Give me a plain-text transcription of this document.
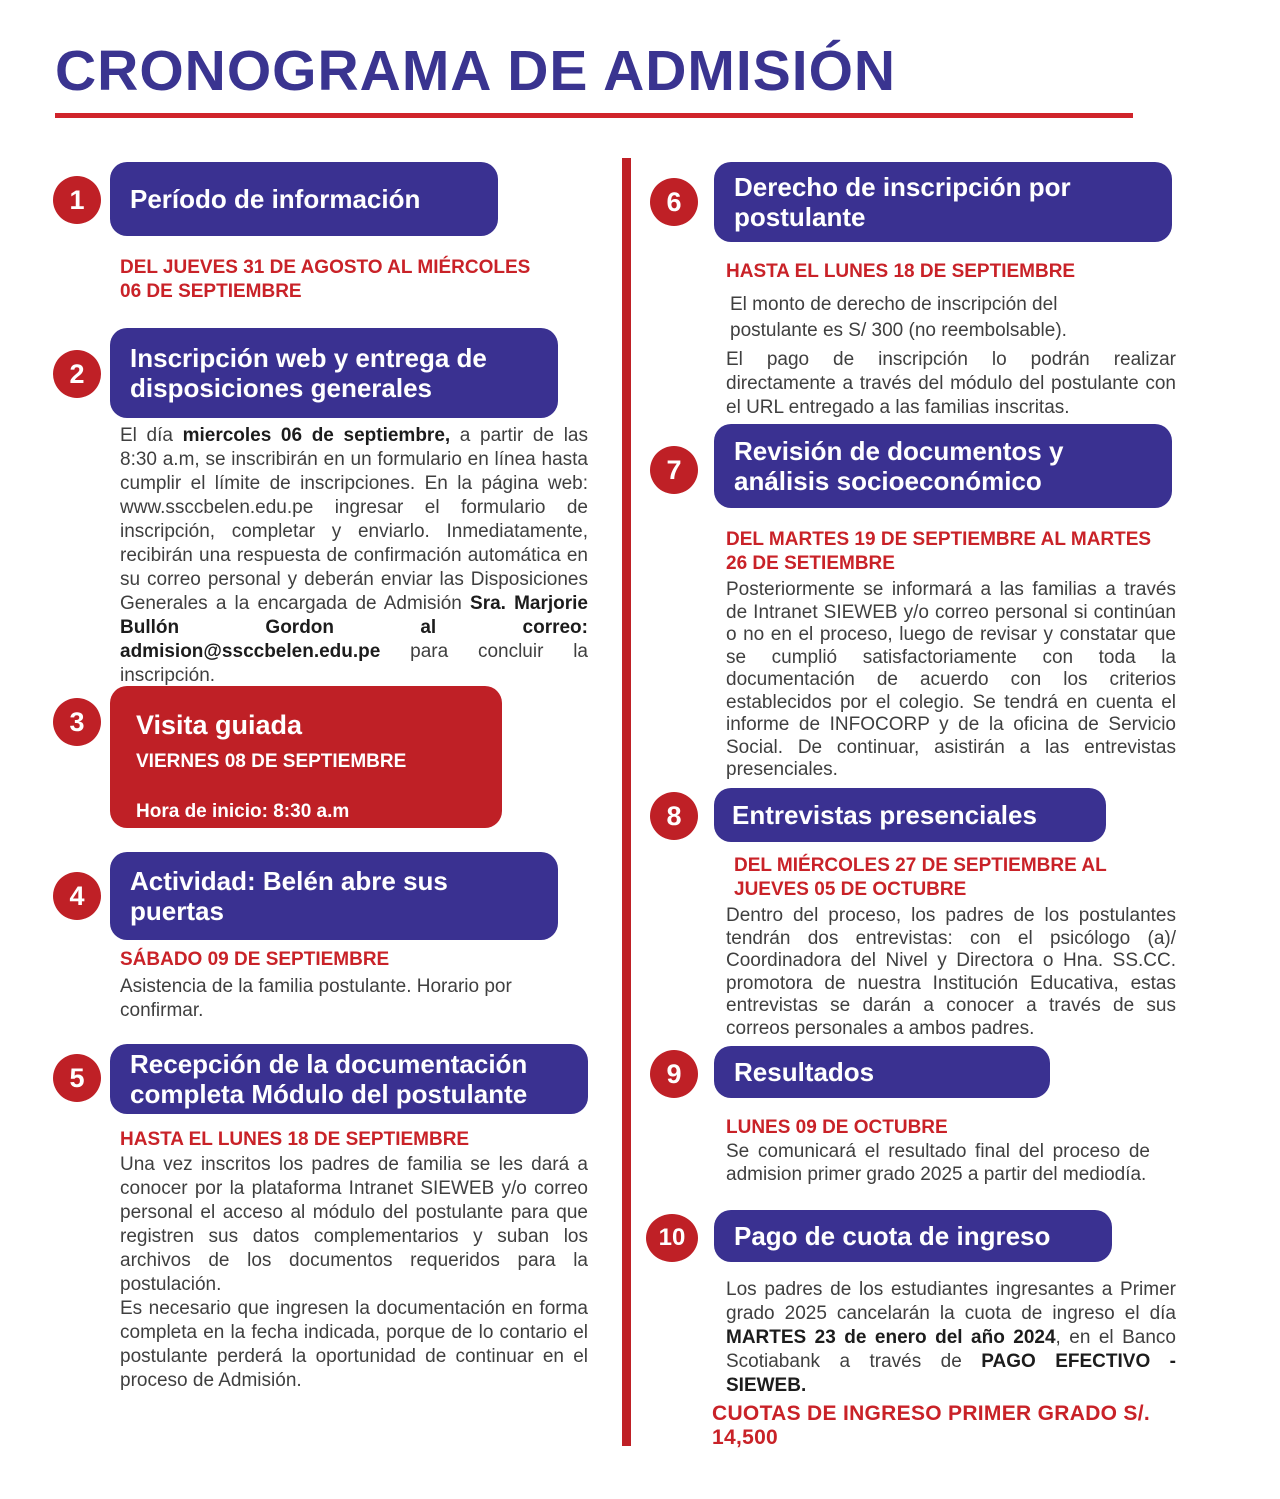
CRONOGRAMA DE ADMISIÓN
1	Período de información
DEL JUEVES 31 DE AGOSTO AL MIÉRCOLES 06 DE SEPTIEMBRE
2
Inscripción web y entrega de disposiciones generales
El día miercoles 06 de septiembre, a partir de las 8:30 a.m, se inscribirán en un formulario en línea hasta cumplir el límite de inscripciones. En la página web: www.ssccbelen.edu.pe ingresar el formulario de inscripción, completar y enviarlo. Inmediatamente, recibirán una respuesta de confirmación automática en su correo personal y deberán enviar las Disposiciones Generales a la encargada de Admisión Sra. Marjorie Bullón Gordon al correo: admision@ssccbelen.edu.pe para concluir la inscripción.
3	Visita guiada
VIERNES 08 DE SEPTIEMBRE
Hora de inicio: 8:30 a.m
4	Actividad: Belén abre sus puertas
SÁBADO 09 DE SEPTIEMBRE
Asistencia de la familia postulante. Horario por confirmar.
5	Recepción de la documentación completa Módulo del postulante
HASTA EL LUNES 18 DE SEPTIEMBRE
Una vez inscritos los padres de familia se les dará a conocer por la plataforma Intranet SIEWEB y/o correo personal el acceso al módulo del postulante para que registren sus datos complementarios y suban los archivos de los documentos requeridos para la postulación.
Es necesario que ingresen la documentación en forma completa en la fecha indicada, porque de lo contario el postulante perderá la oportunidad de continuar en el proceso de Admisión.
6	Derecho de inscripción por postulante
HASTA EL LUNES 18 DE SEPTIEMBRE
El monto de derecho de inscripción del postulante es S/ 300 (no reembolsable).
El pago de inscripción lo podrán realizar directamente a través del módulo del postulante con el URL entregado a las familias inscritas.
7
Revisión de documentos y análisis socioeconómico
DEL MARTES 19 DE SEPTIEMBRE AL MARTES 26 DE SETIEMBRE
Posteriormente se informará a las familias a través de Intranet SIEWEB y/o correo personal si continúan o no en el proceso, luego de revisar y constatar que se cumplió satisfactoriamente con toda la documentación de acuerdo con los criterios establecidos por el colegio. Se tendrá en cuenta el informe de INFOCORP y de la oficina de Servicio Social. De continuar, asistirán a las entrevistas presenciales.
8	Entrevistas presenciales
DEL MIÉRCOLES 27 DE SEPTIEMBRE AL JUEVES 05 DE OCTUBRE
Dentro del proceso, los padres de los postulantes tendrán dos entrevistas: con el psicólogo (a)/ Coordinadora del Nivel y Directora o Hna. SS.CC. promotora de nuestra Institución Educativa, estas entrevistas se darán a conocer a través de sus correos personales a ambos padres.
9	Resultados
LUNES 09 DE OCTUBRE
Se comunicará el resultado final del proceso de admision primer grado 2025 a partir del mediodía.
10	Pago de cuota de ingreso
Los padres de los estudiantes ingresantes a Primer grado 2025 cancelarán la cuota de ingreso el día MARTES 23 de enero del año 2024, en el Banco Scotiabank a través de PAGO EFECTIVO - SIEWEB.
CUOTAS DE INGRESO PRIMER GRADO S/. 14,500
